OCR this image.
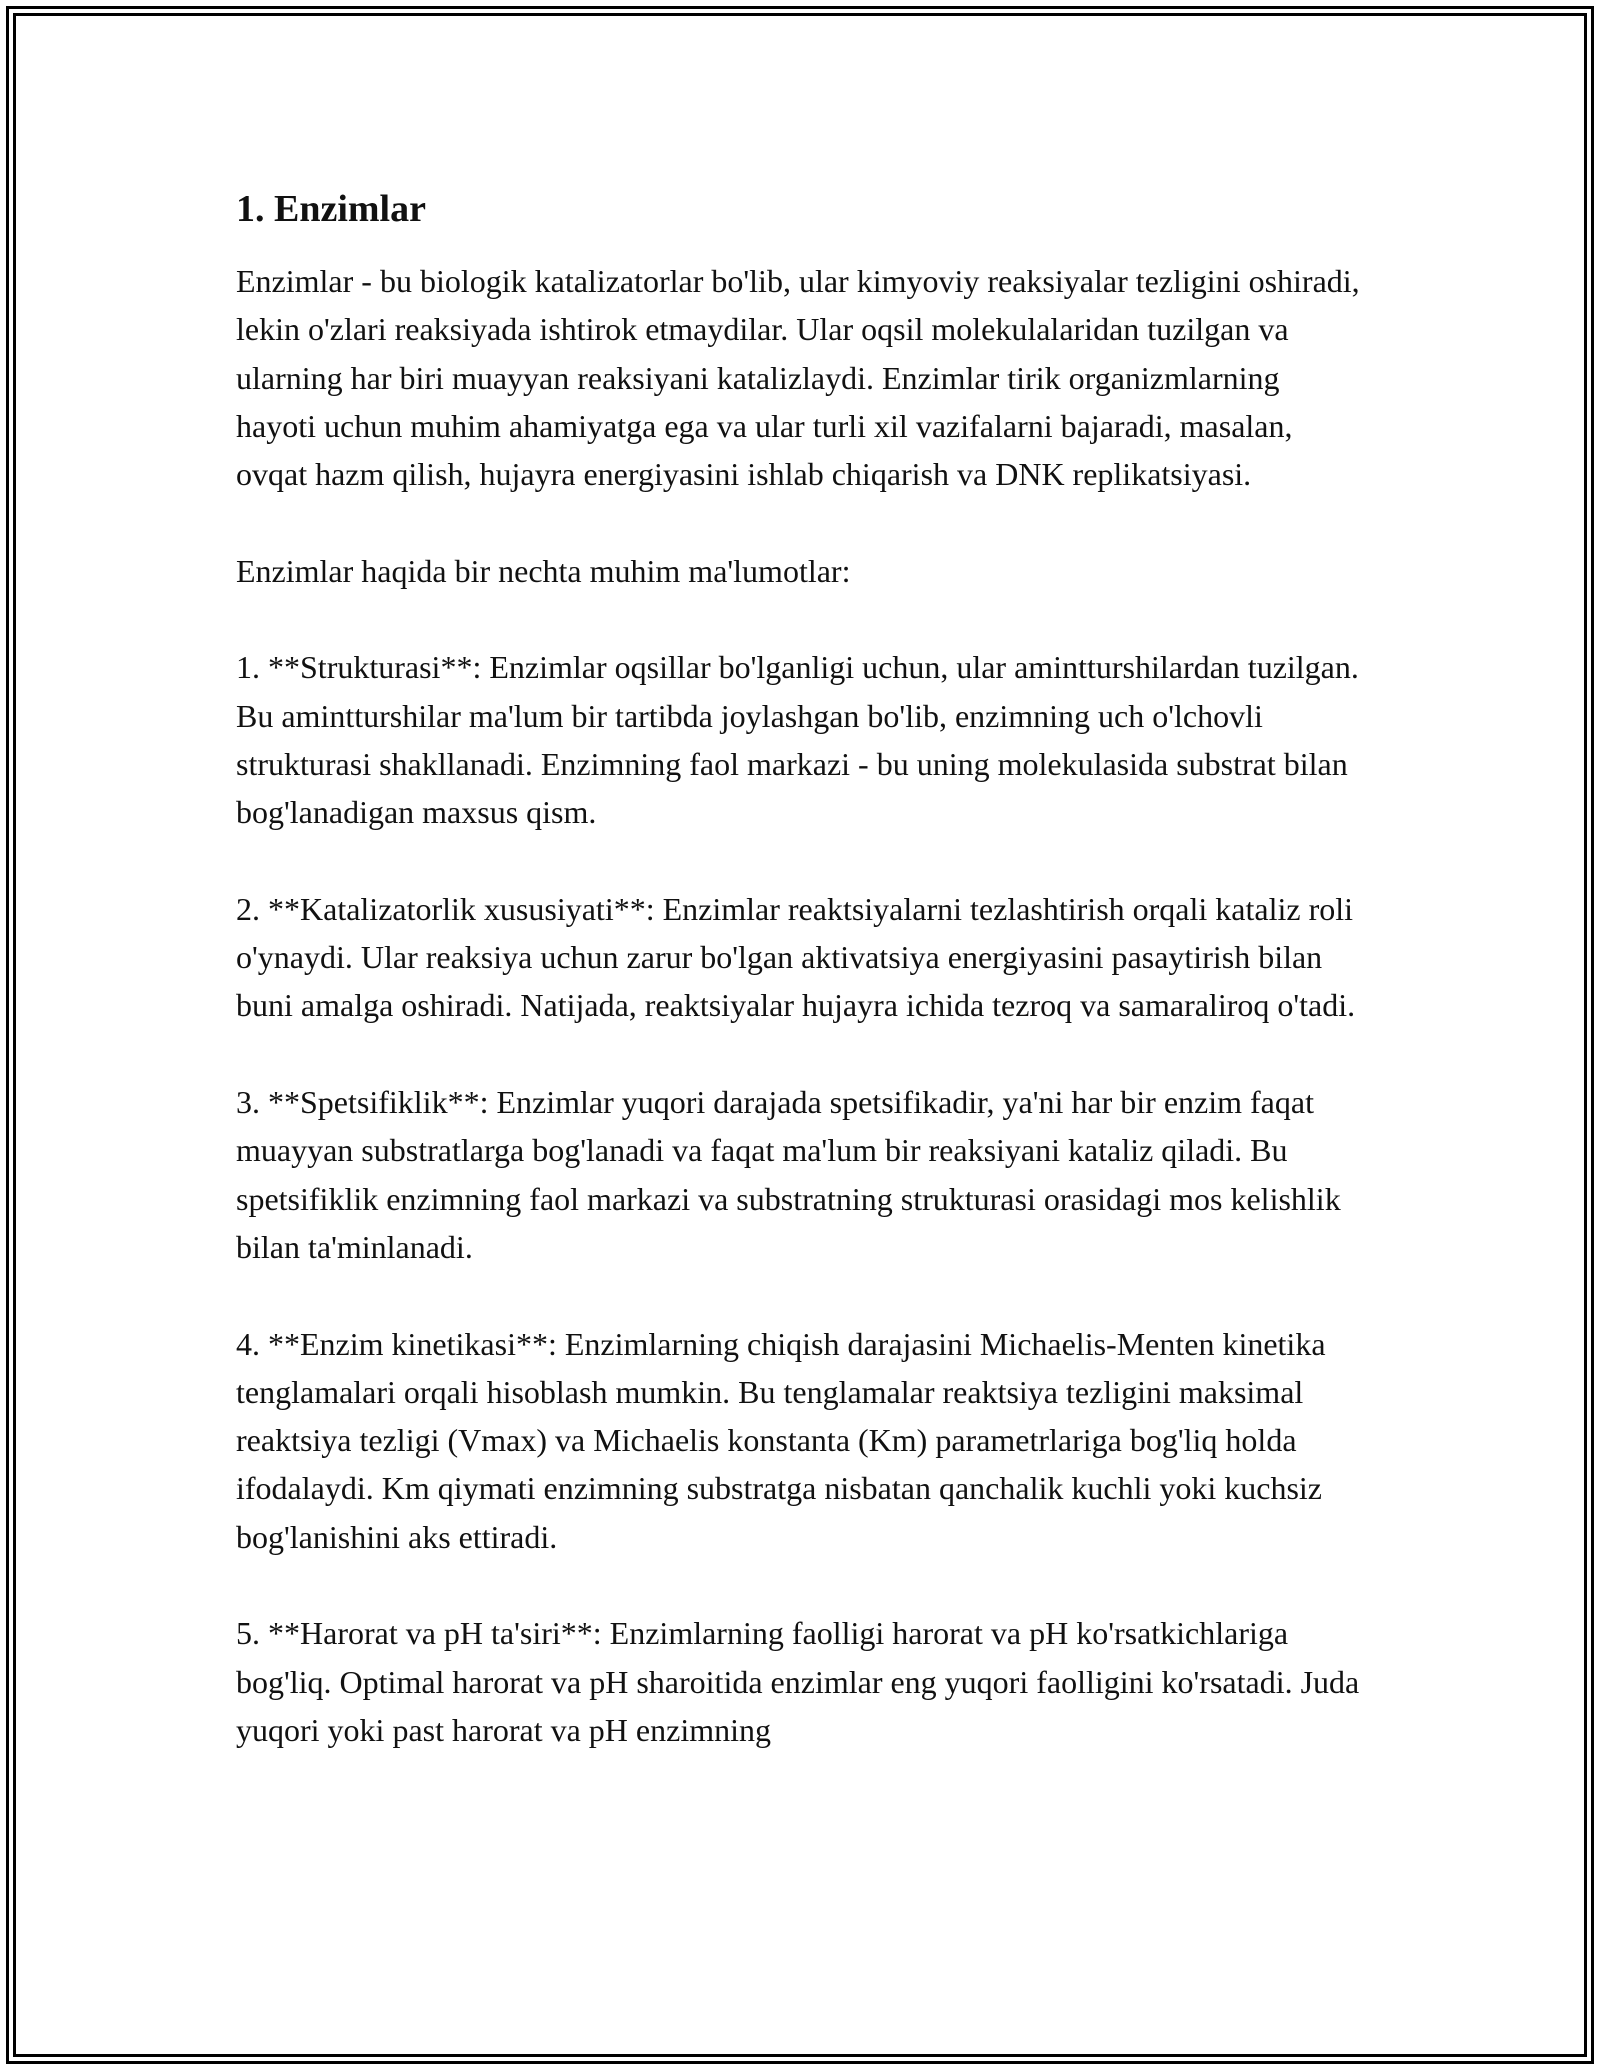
1. Enzimlar

Enzimlar - bu biologik katalizatorlar bo'lib, ular kimyoviy reaksiyalar tezligini oshiradi, lekin o'zlari reaksiyada ishtirok etmaydilar. Ular oqsil molekulalaridan tuzilgan va ularning har biri muayyan reaksiyani katalizlaydi. Enzimlar tirik organizmlarning hayoti uchun muhim ahamiyatga ega va ular turli xil vazifalarni bajaradi, masalan, ovqat hazm qilish, hujayra energiyasini ishlab chiqarish va DNK replikatsiyasi.

Enzimlar haqida bir nechta muhim ma'lumotlar:

1. **Strukturasi**: Enzimlar oqsillar bo'lganligi uchun, ular amintturshilardan tuzilgan. Bu amintturshilar ma'lum bir tartibda joylashgan bo'lib, enzimning uch o'lchovli strukturasi shakllanadi. Enzimning faol markazi - bu uning molekulasida substrat bilan bog'lanadigan maxsus qism.

2. **Katalizatorlik xususiyati**: Enzimlar reaktsiyalarni tezlashtirish orqali kataliz roli o'ynaydi. Ular reaksiya uchun zarur bo'lgan aktivatsiya energiyasini pasaytirish bilan buni amalga oshiradi. Natijada, reaktsiyalar hujayra ichida tezroq va samaraliroq o'tadi.

3. **Spetsifiklik**: Enzimlar yuqori darajada spetsifikadir, ya'ni har bir enzim faqat muayyan substratlarga bog'lanadi va faqat ma'lum bir reaksiyani kataliz qiladi. Bu spetsifiklik enzimning faol markazi va substratning strukturasi orasidagi mos kelishlik bilan ta'minlanadi.

4. **Enzim kinetikasi**: Enzimlarning chiqish darajasini Michaelis-Menten kinetika tenglamalari orqali hisoblash mumkin. Bu tenglamalar reaktsiya tezligini maksimal reaktsiya tezligi (Vmax) va Michaelis konstanta (Km) parametrlariga bog'liq holda ifodalaydi. Km qiymati enzimning substratga nisbatan qanchalik kuchli yoki kuchsiz bog'lanishini aks ettiradi.

5. **Harorat va pH ta'siri**: Enzimlarning faolligi harorat va pH ko'rsatkichlariga bog'liq. Optimal harorat va pH sharoitida enzimlar eng yuqori faolligini ko'rsatadi. Juda yuqori yoki past harorat va pH enzimning
